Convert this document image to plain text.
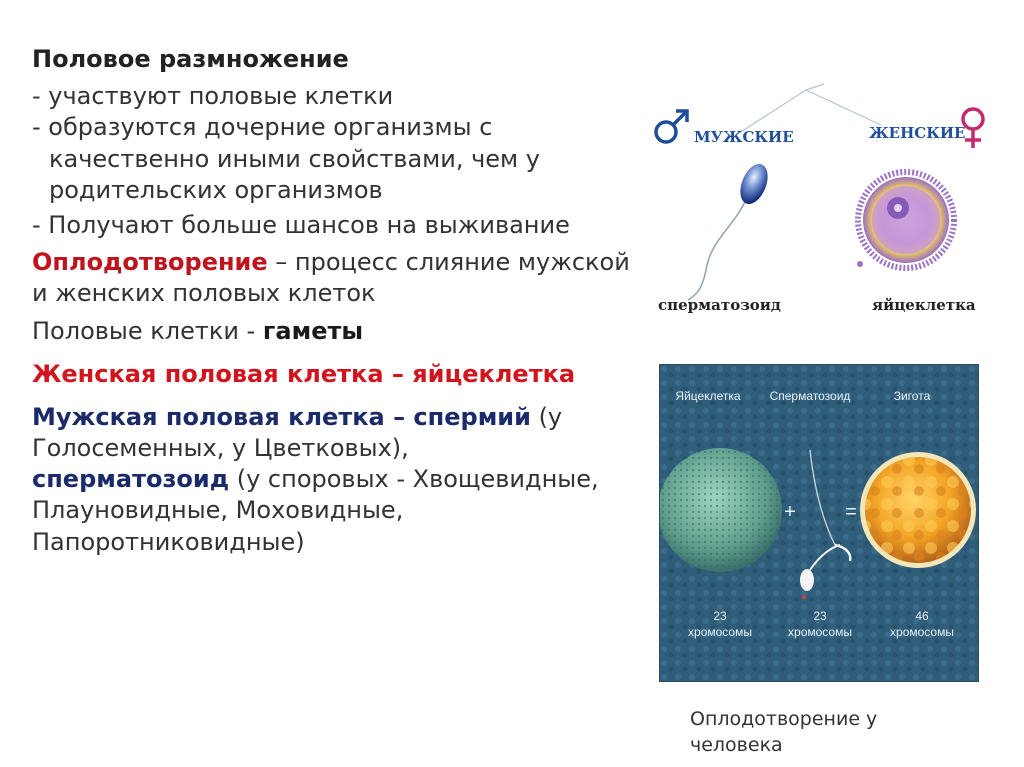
Половое размножение

- участвуют половые клетки

- образуются дочерние организмы с качественно иными свойствами, чем у родительских организмов

- Получают больше шансов на выживание

Оплодотворение – процесс слияние мужской и женских половых клеток

Половые клетки - гаметы

Женская половая клетка – яйцеклетка

Мужская половая клетка – спермий (у Голосеменных, у Цветковых),

сперматозоид (у споровых - Хвощевидные, Плауновидные, Моховидные, Папоротниковидные)

МУЖСКИЕ	ЖЕНСКИЕ
сперматозоид	яйцеклетка
Яйцеклетка Сперматозоид	Зигота
+ =
23
хромосомы
23
хромосомы
46
хромосомы

Оплодотворение у человека
